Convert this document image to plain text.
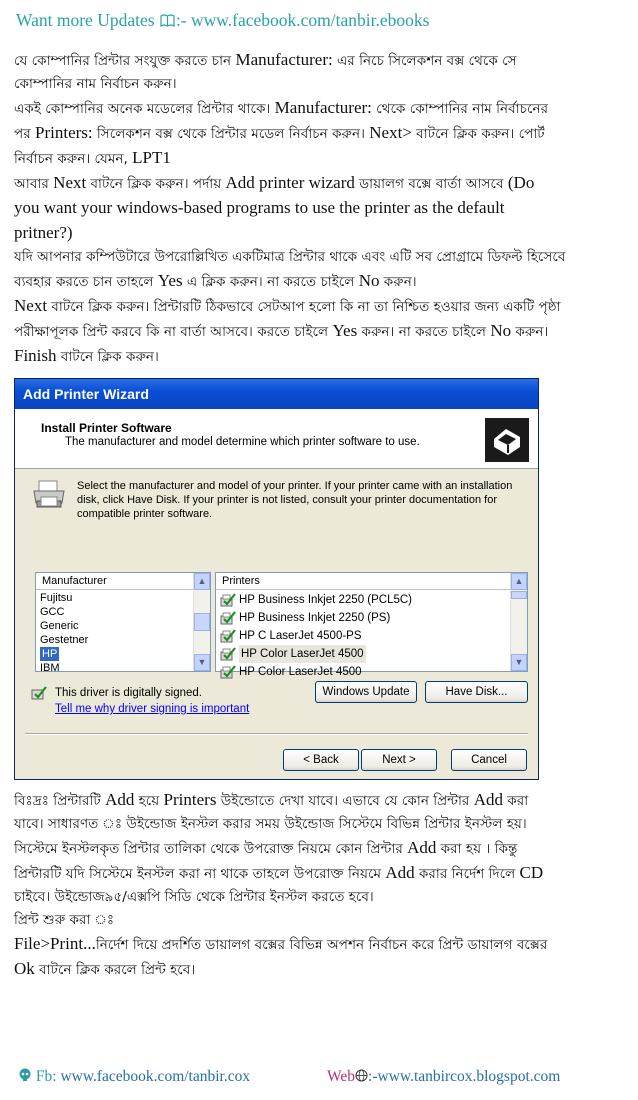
Want more Updates :- www.facebook.com/tanbir.ebooks
যে কোম্পানির প্রিন্টার সংযুক্ত করতে চান Manufacturer: এর নিচে সিলেকশন বক্স থেকে সে
কোম্পানির নাম নির্বাচন করুন।
একই কোম্পানির অনেক মডেলের প্রিন্টার থাকে। Manufacturer: থেকে কোম্পানির নাম নির্বাচনের
পর Printers: সিলেকশন বক্স থেকে প্রিন্টার মডেল নির্বাচন করুন। Next> বাটনে ক্লিক করুন। পোর্ট
নির্বাচন করুন। যেমন, LPT1
আবার Next বাটনে ক্লিক করুন। পর্দায় Add printer wizard ডায়ালগ বক্সে বার্তা আসবে (Do
you want your windows-based programs to use the printer as the default
pritner?)
যদি আপনার কম্পিউটারে উপরোল্লিখিত একটিমাত্র প্রিন্টার থাকে এবং এটি সব প্রোগ্রামে ডিফল্ট হিসেবে
ব্যবহার করতে চান তাহলে Yes এ ক্লিক করুন। না করতে চাইলে No করুন।
Next বাটনে ক্লিক করুন। প্রিন্টারটি ঠিকভাবে সেটআপ হলো কি না তা নিশ্চিত হওয়ার জন্য একটি পৃষ্ঠা
পরীক্ষাপূলক প্রিন্ট করবে কি না বার্তা আসবে। করতে চাইলে Yes করুন। না করতে চাইলে No করুন।
Finish বাটনে ক্লিক করুন।
Add Printer Wizard
Install Printer Software
The manufacturer and model determine which printer software to use.
Select the manufacturer and model of your printer. If your printer came with an installation disk, click Have Disk. If your printer is not listed, consult your printer documentation for compatible printer software.
Manufacturer
Fujitsu
GCC
Generic
Gestetner
HP
IBM
▲
▼
Printers
HP Business Inkjet 2250 (PCL5C)
HP Business Inkjet 2250 (PS)
HP C LaserJet 4500-PS
HP Color LaserJet 4500
HP Color LaserJet 4500
▲
▼
This driver is digitally signed.
Tell me why driver signing is important
Windows Update	Have Disk...
< Back	Next >	Cancel
বিঃদ্রঃ প্রিন্টারটি Add হয়ে Printers উইন্ডোতে দেখা যাবে। এভাবে যে কোন প্রিন্টার Add করা
যাবে। সাধারণত ঃ উইন্ডোজ ইনস্টল করার সময় উইন্ডোজ সিস্টেমে বিভিন্ন প্রিন্টার ইনস্টল হয়।
সিস্টেমে ইনস্টলকৃত প্রিন্টার তালিকা থেকে উপরোক্ত নিয়মে কোন প্রিন্টার Add করা হয় । কিন্তু
প্রিন্টারটি যদি সিস্টেমে ইনস্টল করা না থাকে তাহলে উপরোক্ত নিয়মে Add করার নির্দেশ দিলে CD
চাইবে। উইন্ডোজ৯৫/এক্সপি সিডি থেকে প্রিন্টার ইনস্টল করতে হবে।
প্রিন্ট শুরু করা ঃ
File>Print...নির্দেশ দিয়ে প্রদর্শিত ডায়ালগ বক্সের বিভিন্ন অপশন নির্বাচন করে প্রিন্ট ডায়ালগ বক্সের
Ok বাটনে ক্লিক করলে প্রিন্ট হবে।
Fb: www.facebook.com/tanbir.cox	Web :-www.tanbircox.blogspot.com
